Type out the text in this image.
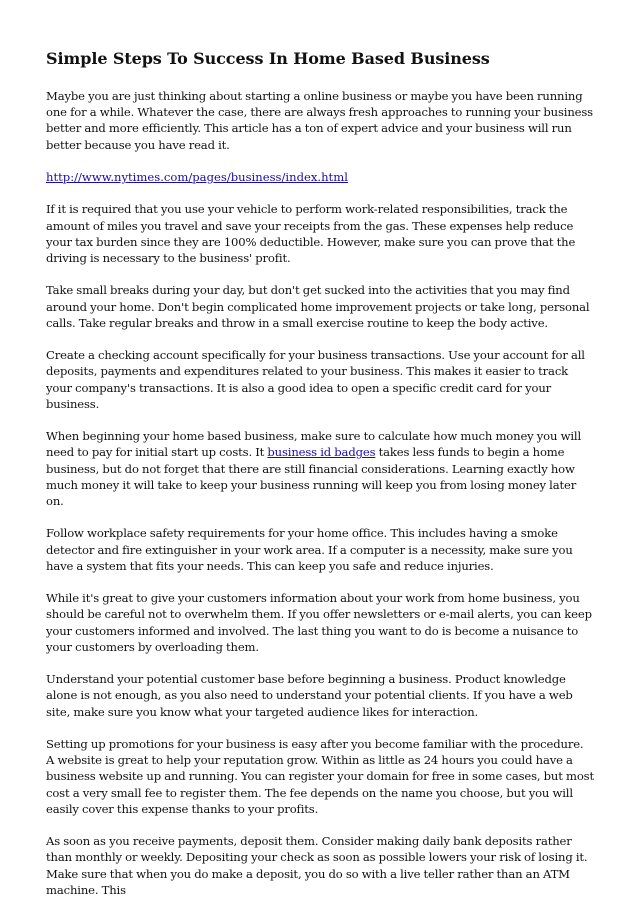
Simple Steps To Success In Home Based Business

Maybe you are just thinking about starting a online business or maybe you have been running one for a while. Whatever the case, there are always fresh approaches to running your business better and more efficiently. This article has a ton of expert advice and your business will run better because you have read it.

http://www.nytimes.com/pages/business/index.html

If it is required that you use your vehicle to perform work-related responsibilities, track the amount of miles you travel and save your receipts from the gas. These expenses help reduce your tax burden since they are 100% deductible. However, make sure you can prove that the driving is necessary to the business' profit.

Take small breaks during your day, but don't get sucked into the activities that you may find around your home. Don't begin complicated home improvement projects or take long, personal calls. Take regular breaks and throw in a small exercise routine to keep the body active.

Create a checking account specifically for your business transactions. Use your account for all deposits, payments and expenditures related to your business. This makes it easier to track your company's transactions. It is also a good idea to open a specific credit card for your business.

When beginning your home based business, make sure to calculate how much money you will need to pay for initial start up costs. It business id badges takes less funds to begin a home business, but do not forget that there are still financial considerations. Learning exactly how much money it will take to keep your business running will keep you from losing money later on.

Follow workplace safety requirements for your home office. This includes having a smoke detector and fire extinguisher in your work area. If a computer is a necessity, make sure you have a system that fits your needs. This can keep you safe and reduce injuries.

While it's great to give your customers information about your work from home business, you should be careful not to overwhelm them. If you offer newsletters or e-mail alerts, you can keep your customers informed and involved. The last thing you want to do is become a nuisance to your customers by overloading them.

Understand your potential customer base before beginning a business. Product knowledge alone is not enough, as you also need to understand your potential clients. If you have a web site, make sure you know what your targeted audience likes for interaction.

Setting up promotions for your business is easy after you become familiar with the procedure. A website is great to help your reputation grow. Within as little as 24 hours you could have a business website up and running. You can register your domain for free in some cases, but most cost a very small fee to register them. The fee depends on the name you choose, but you will easily cover this expense thanks to your profits.

As soon as you receive payments, deposit them. Consider making daily bank deposits rather than monthly or weekly. Depositing your check as soon as possible lowers your risk of losing it. Make sure that when you do make a deposit, you do so with a live teller rather than an ATM machine. This
